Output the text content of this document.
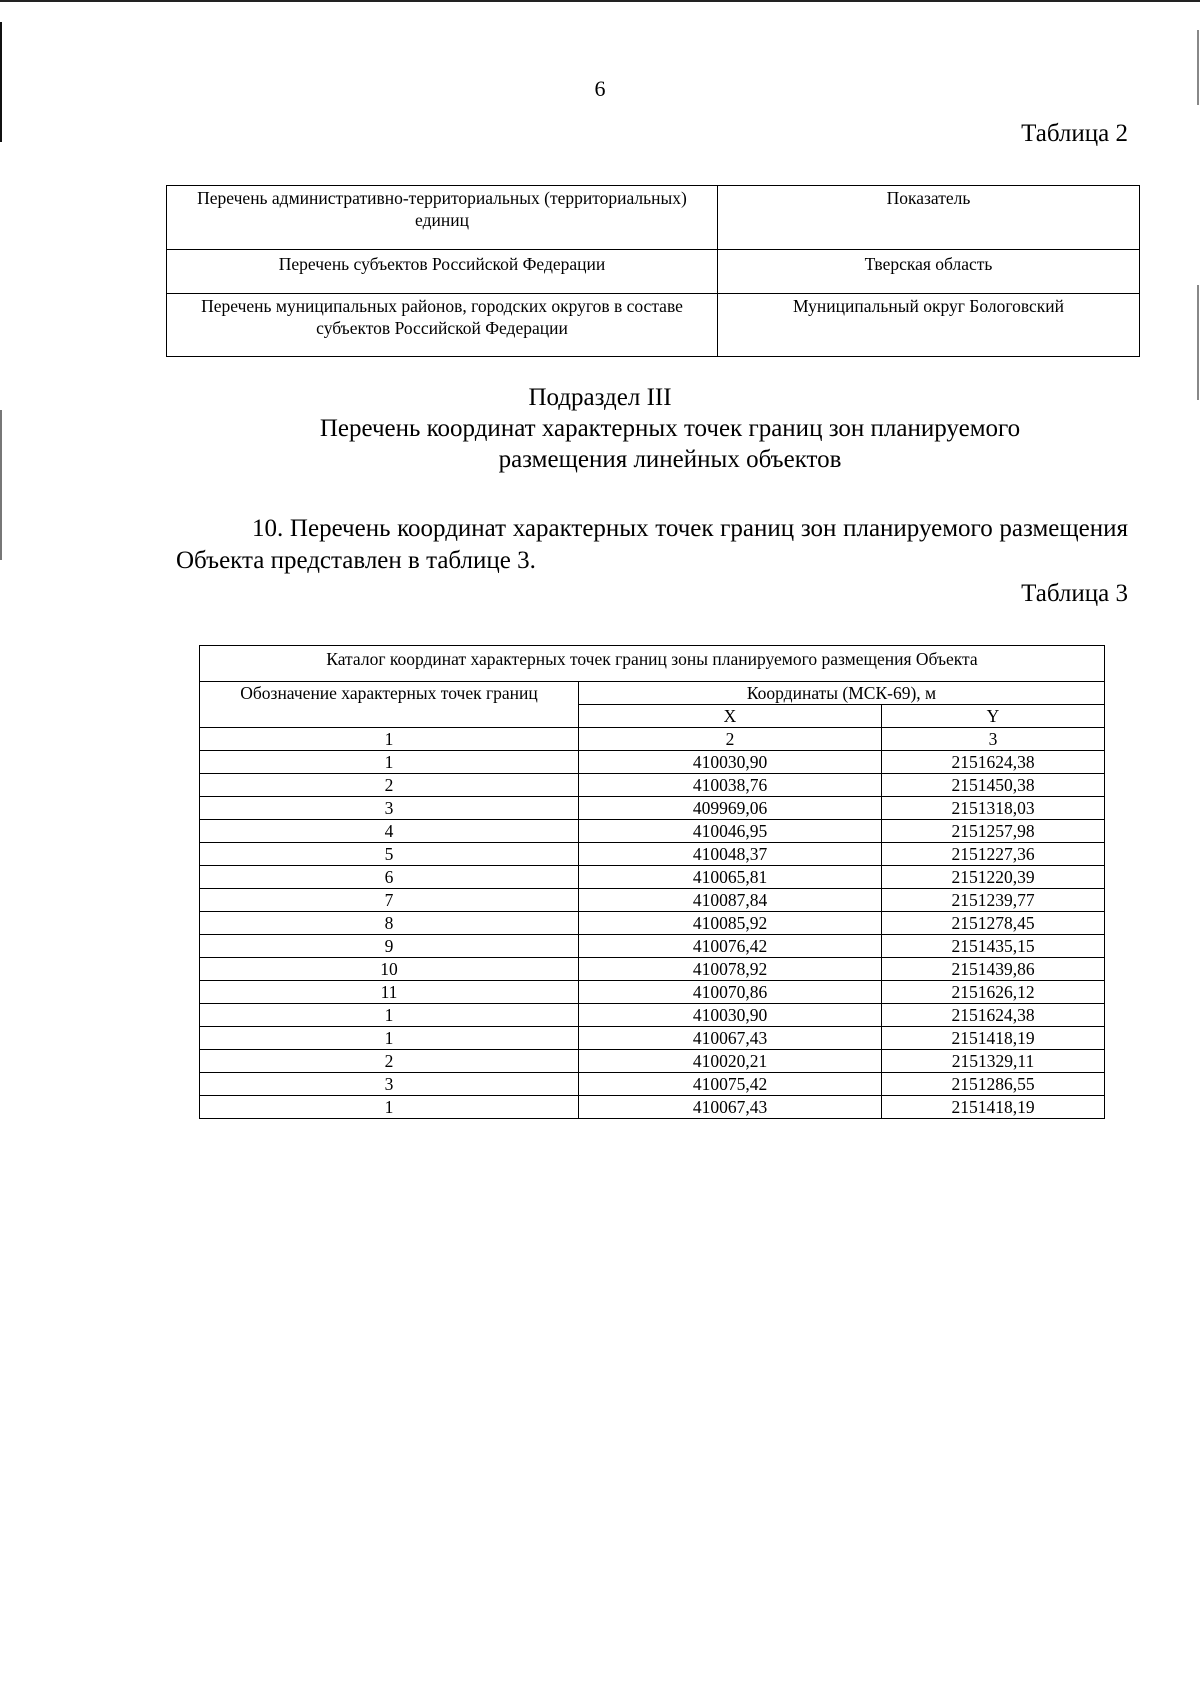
6
Таблица 2
Перечень административно-территориальных (территориальных) единиц	Показатель
Перечень субъектов Российской Федерации	Тверская область
Перечень муниципальных районов, городских округов в составе субъектов Российской Федерации	Муниципальный округ Бологовский
Подраздел III
Перечень координат характерных точек границ зон планируемого
размещения линейных объектов
10. Перечень координат характерных точек границ зон планируемого размещения Объекта представлен в таблице 3.
Таблица 3
Каталог координат характерных точек границ зоны планируемого размещения Объекта		
Обозначение характерных точек границ	Координаты (МСК-69), м	
	X	Y
1	2	3
1	410030,90	2151624,38
2	410038,76	2151450,38
3	409969,06	2151318,03
4	410046,95	2151257,98
5	410048,37	2151227,36
6	410065,81	2151220,39
7	410087,84	2151239,77
8	410085,92	2151278,45
9	410076,42	2151435,15
10	410078,92	2151439,86
11	410070,86	2151626,12
1	410030,90	2151624,38
1	410067,43	2151418,19
2	410020,21	2151329,11
3	410075,42	2151286,55
1	410067,43	2151418,19
